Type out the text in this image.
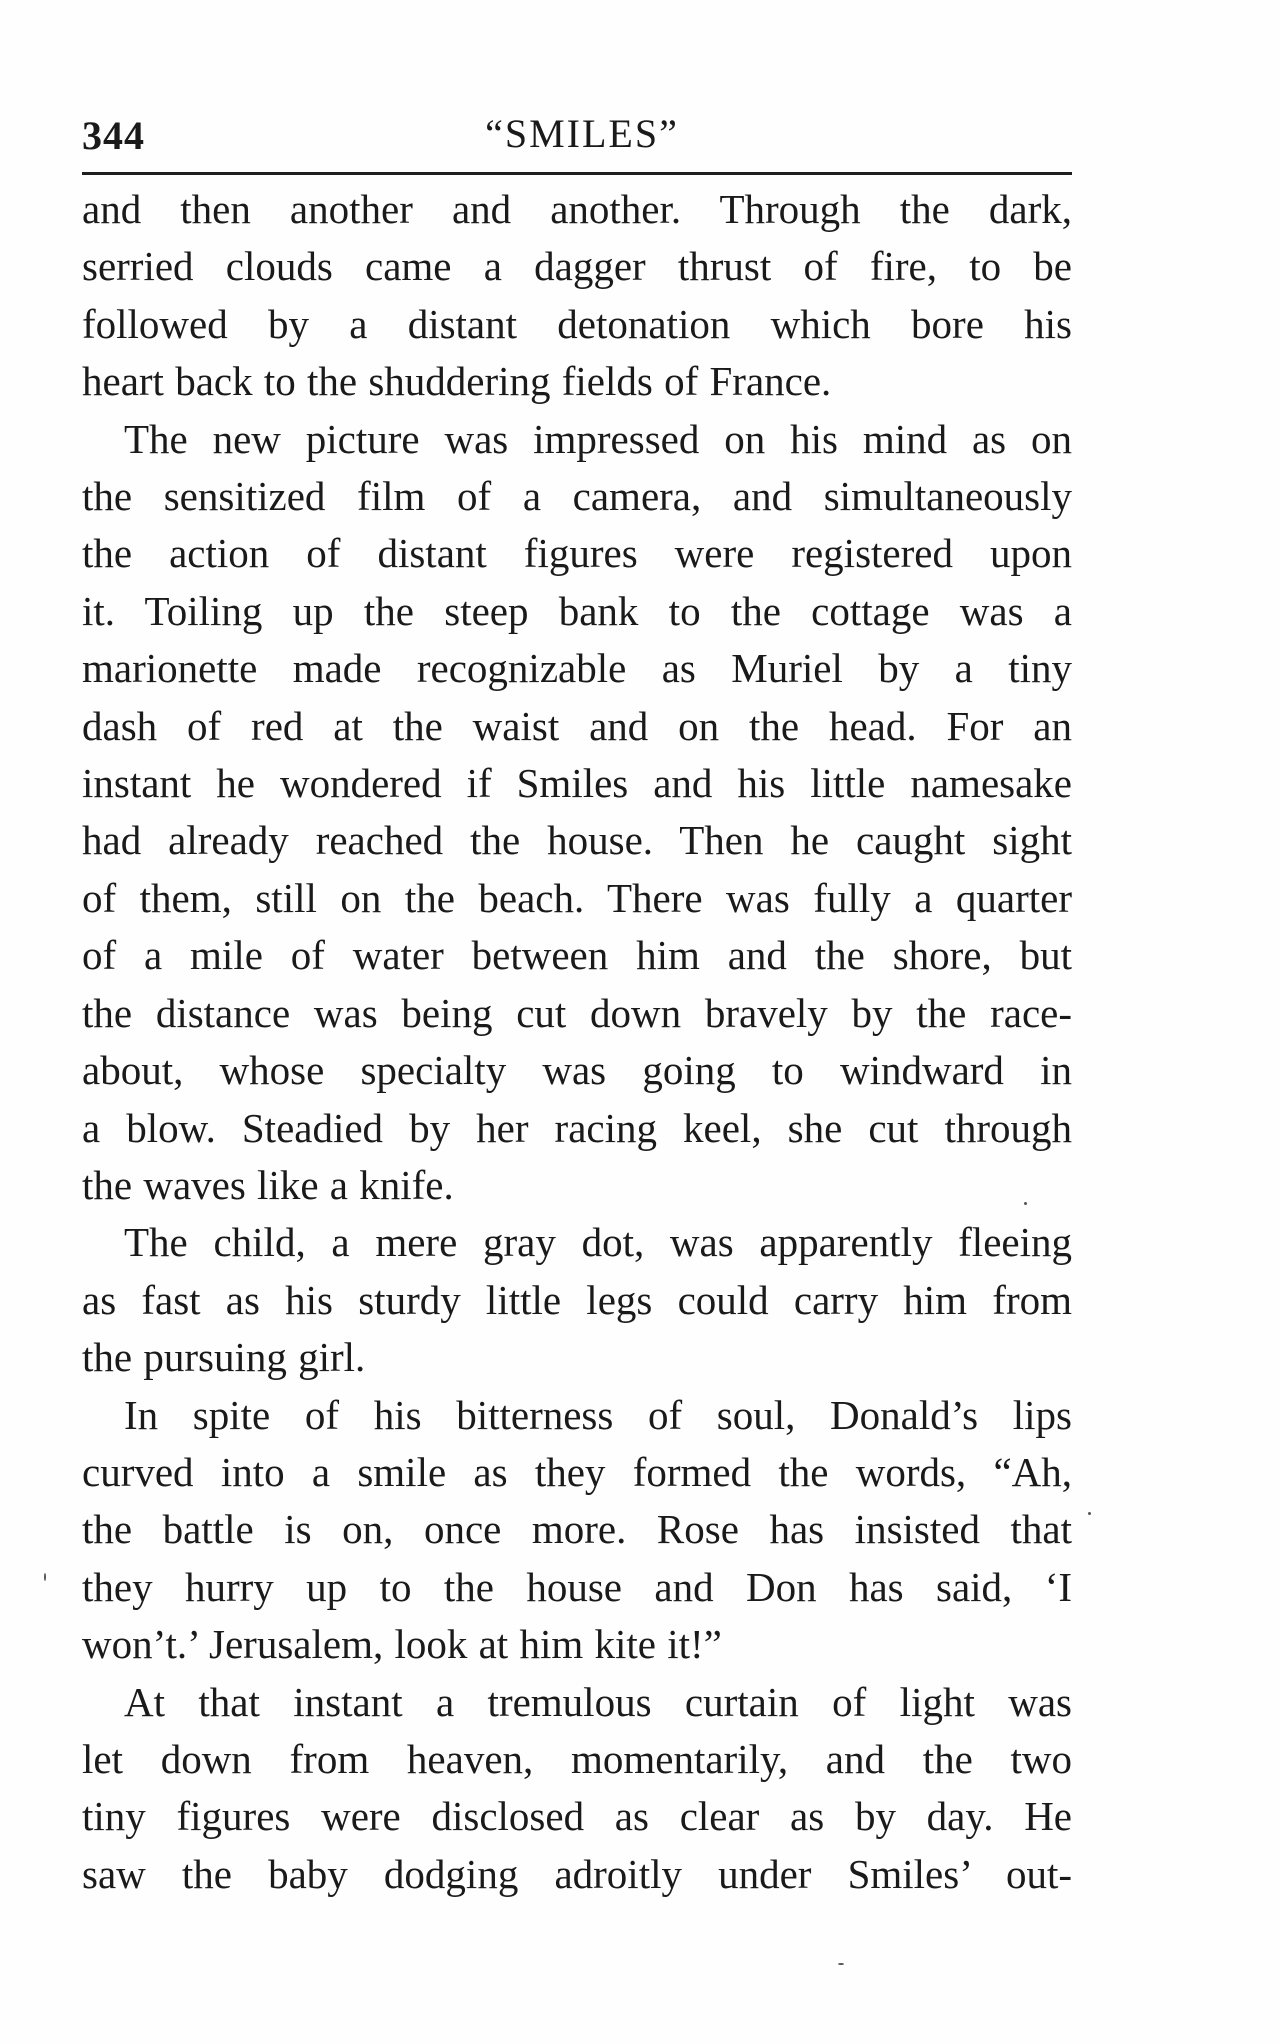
344	“SMILES”

and then another and another. Through the dark,
serried clouds came a dagger thrust of fire, to be
followed by a distant detonation which bore his
heart back to the shuddering fields of France.

The new picture was impressed on his mind as on
the sensitized film of a camera, and simultaneously
the action of distant figures were registered upon
it. Toiling up the steep bank to the cottage was a
marionette made recognizable as Muriel by a tiny
dash of red at the waist and on the head. For an
instant he wondered if Smiles and his little namesake
had already reached the house. Then he caught sight
of them, still on the beach. There was fully a quarter
of a mile of water between him and the shore, but
the distance was being cut down bravely by the race-
about, whose specialty was going to windward in
a blow. Steadied by her racing keel, she cut through
the waves like a knife.

The child, a mere gray dot, was apparently fleeing
as fast as his sturdy little legs could carry him from
the pursuing girl.

In spite of his bitterness of soul, Donald’s lips
curved into a smile as they formed the words, “Ah,
the battle is on, once more. Rose has insisted that
they hurry up to the house and Don has said, ‘I
won’t.’ Jerusalem, look at him kite it!”

At that instant a tremulous curtain of light was
let down from heaven, momentarily, and the two
tiny figures were disclosed as clear as by day. He
saw the baby dodging adroitly under Smiles’ out-
